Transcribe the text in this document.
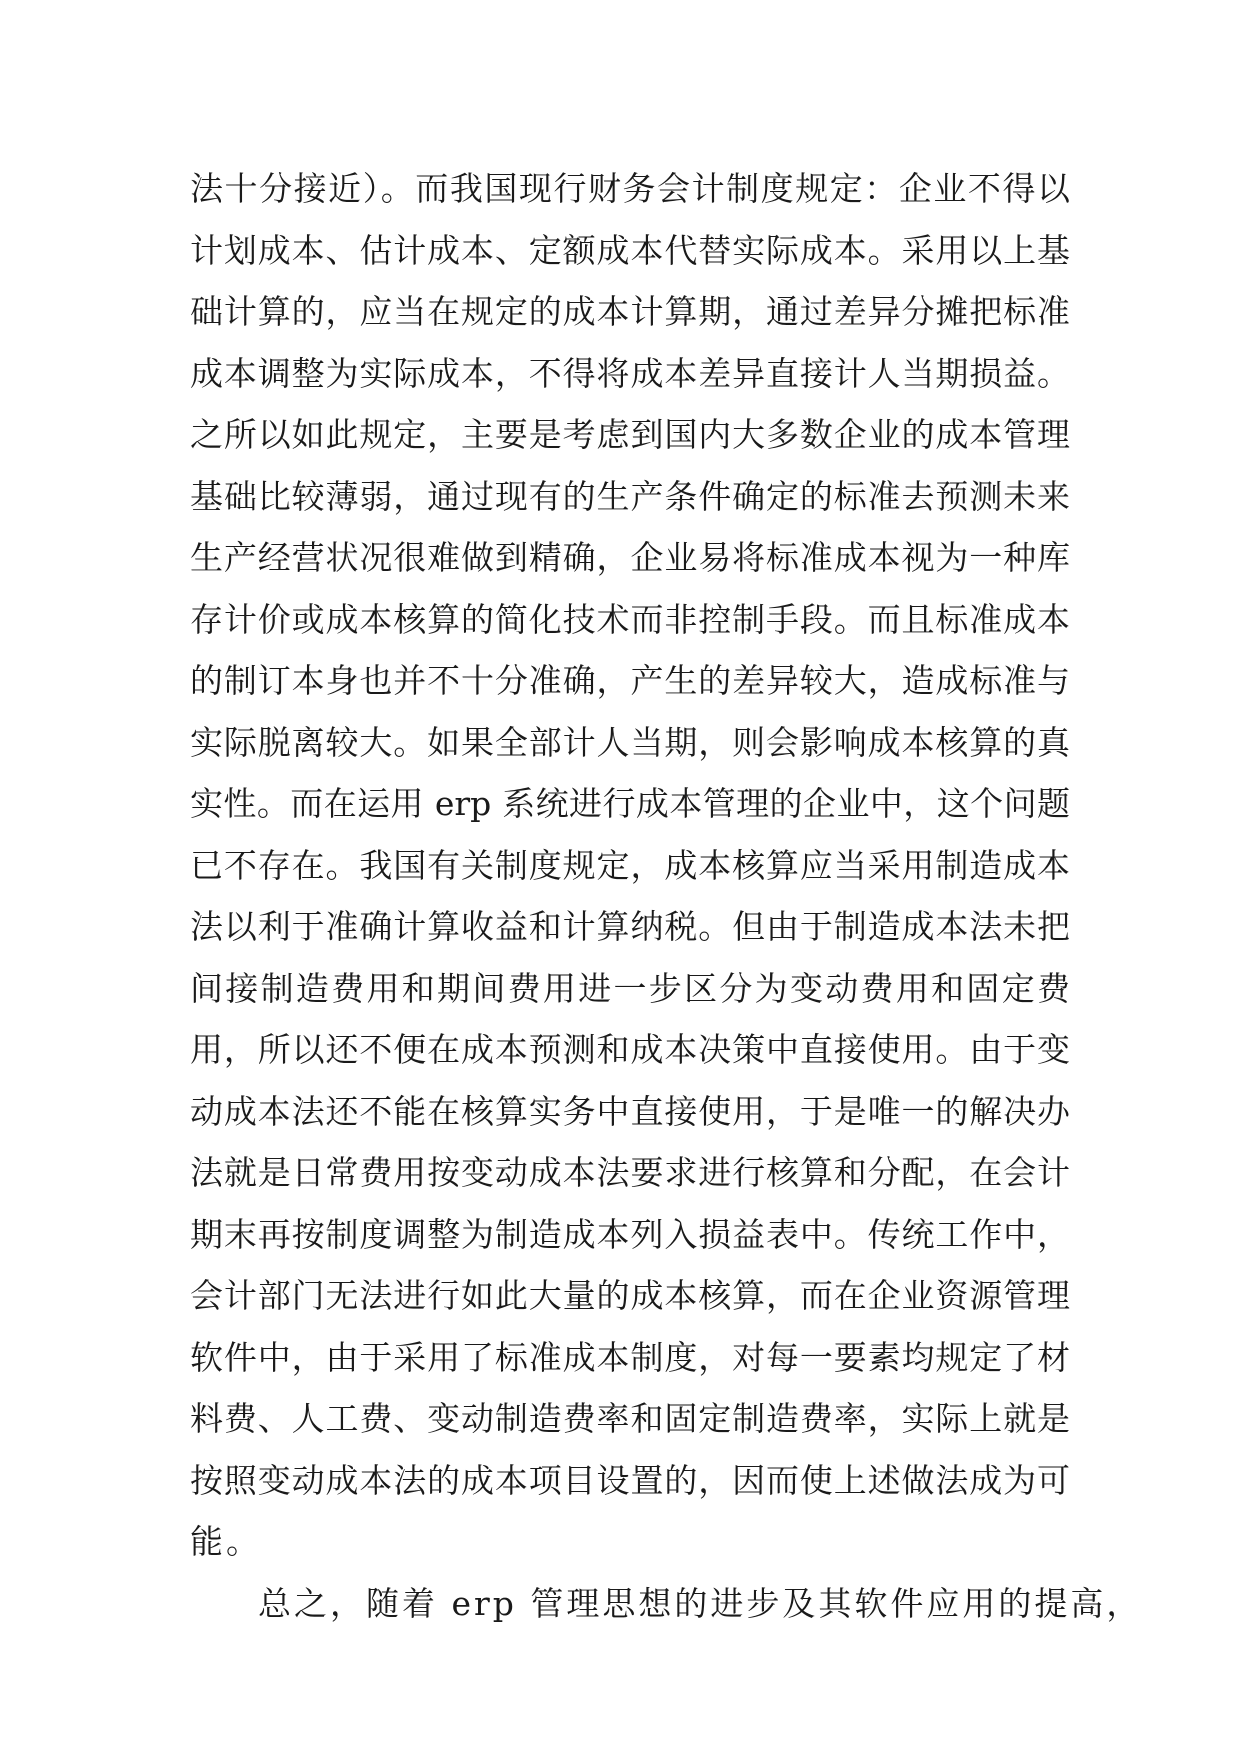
法十分接近）。而我国现行财务会计制度规定：企业不得以
计划成本、估计成本、定额成本代替实际成本。采用以上基
础计算的，应当在规定的成本计算期，通过差异分摊把标准
成本调整为实际成本，不得将成本差异直接计人当期损益。
之所以如此规定，主要是考虑到国内大多数企业的成本管理
基础比较薄弱，通过现有的生产条件确定的标准去预测未来
生产经营状况很难做到精确，企业易将标准成本视为一种库
存计价或成本核算的简化技术而非控制手段。而且标准成本
的制订本身也并不十分准确，产生的差异较大，造成标准与
实际脱离较大。如果全部计人当期，则会影响成本核算的真
实性。而在运用 erp 系统进行成本管理的企业中，这个问题
已不存在。我国有关制度规定，成本核算应当采用制造成本
法以利于准确计算收益和计算纳税。但由于制造成本法未把
间接制造费用和期间费用进一步区分为变动费用和固定费
用，所以还不便在成本预测和成本决策中直接使用。由于变
动成本法还不能在核算实务中直接使用，于是唯一的解决办
法就是日常费用按变动成本法要求进行核算和分配，在会计
期末再按制度调整为制造成本列入损益表中。传统工作中，
会计部门无法进行如此大量的成本核算，而在企业资源管理
软件中，由于采用了标准成本制度，对每一要素均规定了材
料费、人工费、变动制造费率和固定制造费率，实际上就是
按照变动成本法的成本项目设置的，因而使上述做法成为可
能。
总之，随着 erp 管理思想的进步及其软件应用的提高，
